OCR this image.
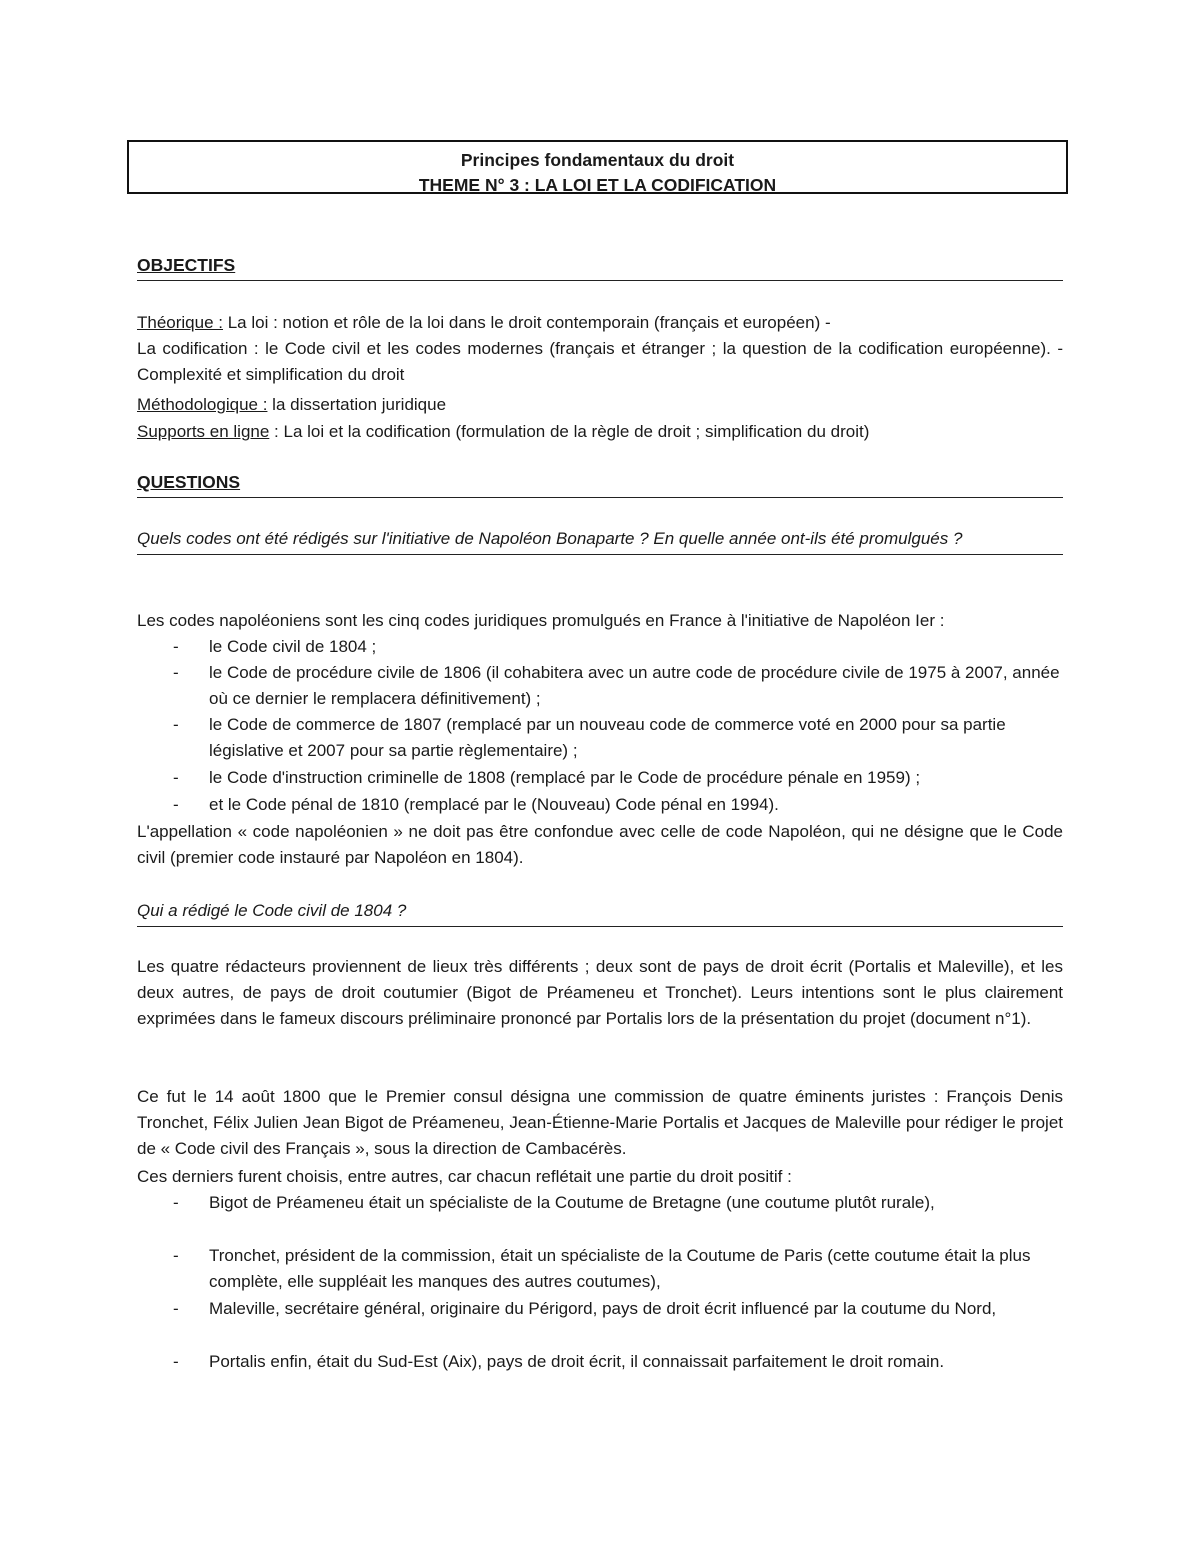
Principes fondamentaux du droit
THEME N° 3 : LA LOI ET LA CODIFICATION
OBJECTIFS
Théorique : La loi : notion et rôle de la loi dans le droit contemporain (français et européen) -
La codification : le Code civil et les codes modernes (français et étranger ; la question de la codification européenne). - Complexité et simplification du droit
Méthodologique : la dissertation juridique
Supports en ligne : La loi et la codification (formulation de la règle de droit ; simplification du droit)
QUESTIONS
Quels codes ont été rédigés sur l'initiative de Napoléon Bonaparte ? En quelle année ont-ils été promulgués ?
Les codes napoléoniens sont les cinq codes juridiques promulgués en France à l'initiative de Napoléon Ier :
- le Code civil de 1804 ;
- le Code de procédure civile de 1806 (il cohabitera avec un autre code de procédure civile de 1975 à 2007, année où ce dernier le remplacera définitivement) ;
- le Code de commerce de 1807 (remplacé par un nouveau code de commerce voté en 2000 pour sa partie législative et 2007 pour sa partie règlementaire) ;
- le Code d'instruction criminelle de 1808 (remplacé par le Code de procédure pénale en 1959) ;
- et le Code pénal de 1810 (remplacé par le (Nouveau) Code pénal en 1994).
L'appellation « code napoléonien » ne doit pas être confondue avec celle de code Napoléon, qui ne désigne que le Code civil (premier code instauré par Napoléon en 1804).
Qui a rédigé le Code civil de 1804 ?
Les quatre rédacteurs proviennent de lieux très différents ; deux sont de pays de droit écrit (Portalis et Maleville), et les deux autres, de pays de droit coutumier (Bigot de Préameneu et Tronchet). Leurs intentions sont le plus clairement exprimées dans le fameux discours préliminaire prononcé par Portalis lors de la présentation du projet (document n°1).
Ce fut le 14 août 1800 que le Premier consul désigna une commission de quatre éminents juristes : François Denis Tronchet, Félix Julien Jean Bigot de Préameneu, Jean-Étienne-Marie Portalis et Jacques de Maleville pour rédiger le projet de « Code civil des Français », sous la direction de Cambacérès.
Ces derniers furent choisis, entre autres, car chacun reflétait une partie du droit positif :
- Bigot de Préameneu était un spécialiste de la Coutume de Bretagne (une coutume plutôt rurale),
- Tronchet, président de la commission, était un spécialiste de la Coutume de Paris (cette coutume était la plus complète, elle suppléait les manques des autres coutumes),
- Maleville, secrétaire général, originaire du Périgord, pays de droit écrit influencé par la coutume du Nord,
- Portalis enfin, était du Sud-Est (Aix), pays de droit écrit, il connaissait parfaitement le droit romain.
